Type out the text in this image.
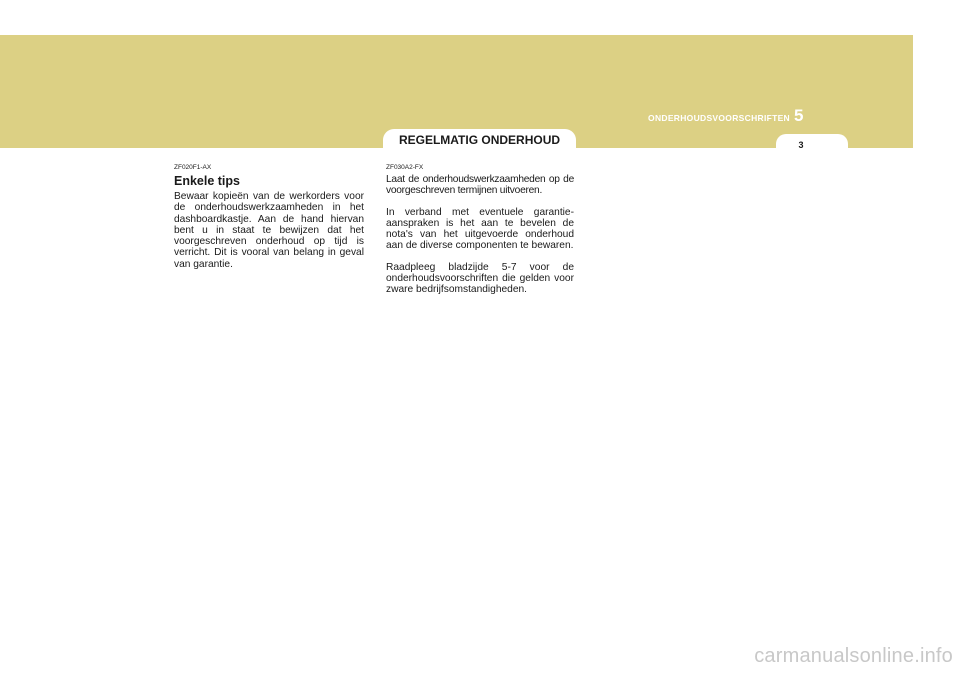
ONDERHOUDSVOORSCHRIFTEN 5
3
REGELMATIG ONDERHOUD
ZF020F1-AX
Enkele tips

Bewaar kopieën van de werkorders voor de onderhoudswerkzaamheden in het dashboardkastje. Aan de hand hiervan bent u in staat te bewijzen dat het voorgeschreven onderhoud op tijd is verricht. Dit is vooral van belang in geval van garantie.

ZF030A2-FX

Laat de onderhoudswerkzaamheden op de voorgeschreven termijnen uitvoeren.

In verband met eventuele garantie-aanspraken is het aan te bevelen de nota's van het uitgevoerde onderhoud aan de diverse componenten te bewaren.

Raadpleeg bladzijde 5-7 voor de onderhoudsvoorschriften die gelden voor zware bedrijfsomstandigheden.

carmanualsonline.info
